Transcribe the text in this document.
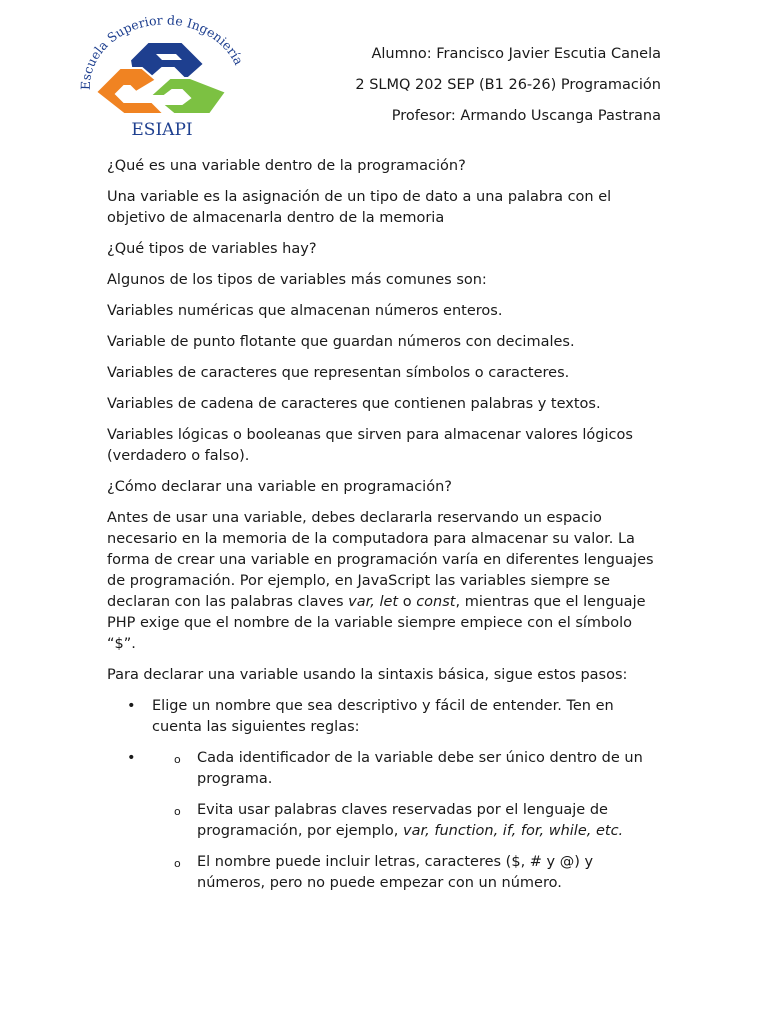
Escuela Superior de Ingeniería
ESIAPI

Alumno: Francisco Javier Escutia Canela

2 SLMQ 202 SEP (B1 26-26) Programación

Profesor: Armando Uscanga Pastrana

¿Qué es una variable dentro de la programación?

Una variable es la asignación de un tipo de dato a una palabra con el objetivo de almacenarla dentro de la memoria

¿Qué tipos de variables hay?

Algunos de los tipos de variables más comunes son:

Variables numéricas que almacenan números enteros.

Variable de punto flotante que guardan números con decimales.

Variables de caracteres que representan símbolos o caracteres.

Variables de cadena de caracteres que contienen palabras y textos.

Variables lógicas o booleanas que sirven para almacenar valores lógicos (verdadero o falso).

¿Cómo declarar una variable en programación?

Antes de usar una variable, debes declararla reservando un espacio necesario en la memoria de la computadora para almacenar su valor. La forma de crear una variable en programación varía en diferentes lenguajes de programación. Por ejemplo, en JavaScript las variables siempre se declaran con las palabras claves var, let o const, mientras que el lenguaje PHP exige que el nombre de la variable siempre empiece con el símbolo “$”.

Para declarar una variable usando la sintaxis básica, sigue estos pasos:

• Elige un nombre que sea descriptivo y fácil de entender. Ten en cuenta las siguientes reglas:
•	o Cada identificador de la variable debe ser único dentro de un programa.
o Evita usar palabras claves reservadas por el lenguaje de programación, por ejemplo, var, function, if, for, while, etc.
o El nombre puede incluir letras, caracteres ($, # y @) y números, pero no puede empezar con un número.
